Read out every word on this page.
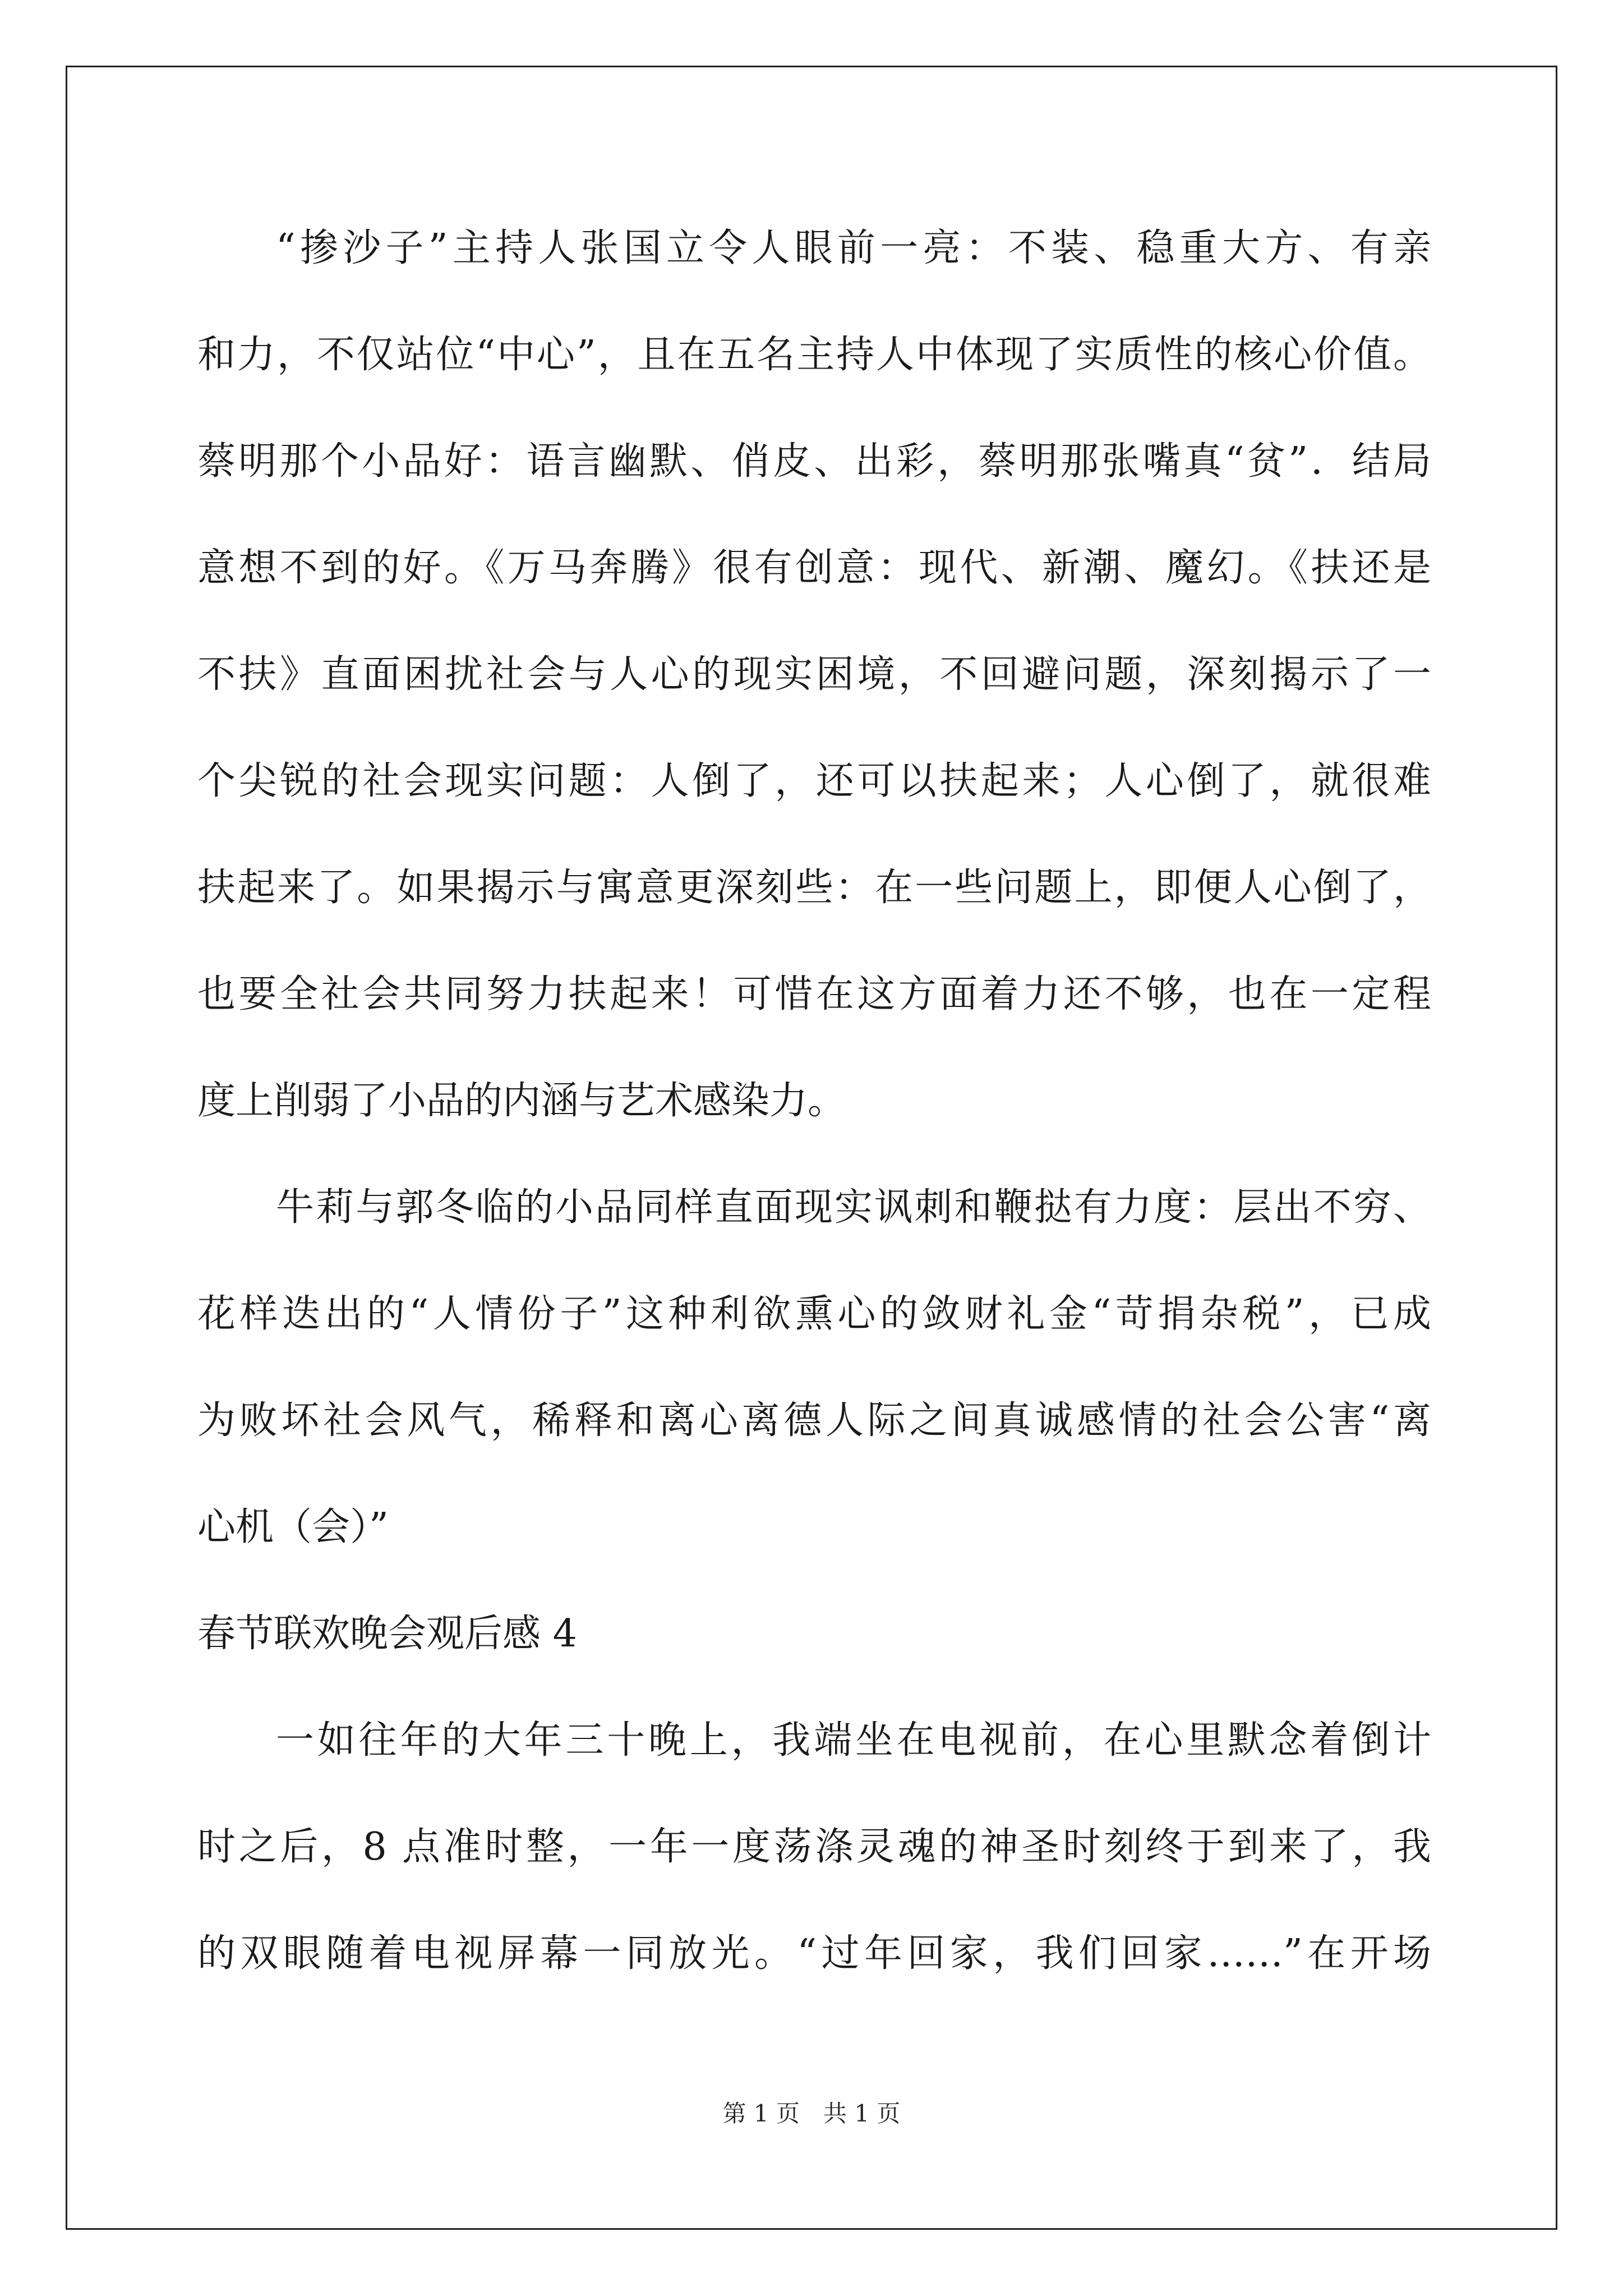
“掺沙子”主持人张国立令人眼前一亮：不装、稳重大方、有亲
和力，不仅站位“中心”，且在五名主持人中体现了实质性的核心价值。
蔡明那个小品好：语言幽默、俏皮、出彩，蔡明那张嘴真“贫”．结局
意想不到的好。《万马奔腾》很有创意：现代、新潮、魔幻。《扶还是
不扶》直面困扰社会与人心的现实困境，不回避问题，深刻揭示了一
个尖锐的社会现实问题：人倒了，还可以扶起来；人心倒了，就很难
扶起来了。如果揭示与寓意更深刻些：在一些问题上，即便人心倒了，
也要全社会共同努力扶起来！可惜在这方面着力还不够，也在一定程
度上削弱了小品的内涵与艺术感染力。
牛莉与郭冬临的小品同样直面现实讽刺和鞭挞有力度：层出不穷、
花样迭出的“人情份子”这种利欲熏心的敛财礼金“苛捐杂税”，已成
为败坏社会风气，稀释和离心离德人际之间真诚感情的社会公害“离
心机（会）”
春节联欢晚会观后感 4
一如往年的大年三十晚上，我端坐在电视前，在心里默念着倒计
时之后，8 点准时整，一年一度荡涤灵魂的神圣时刻终于到来了，我
的双眼随着电视屏幕一同放光。“过年回家，我们回家……”在开场
第 1 页　共 1 页
